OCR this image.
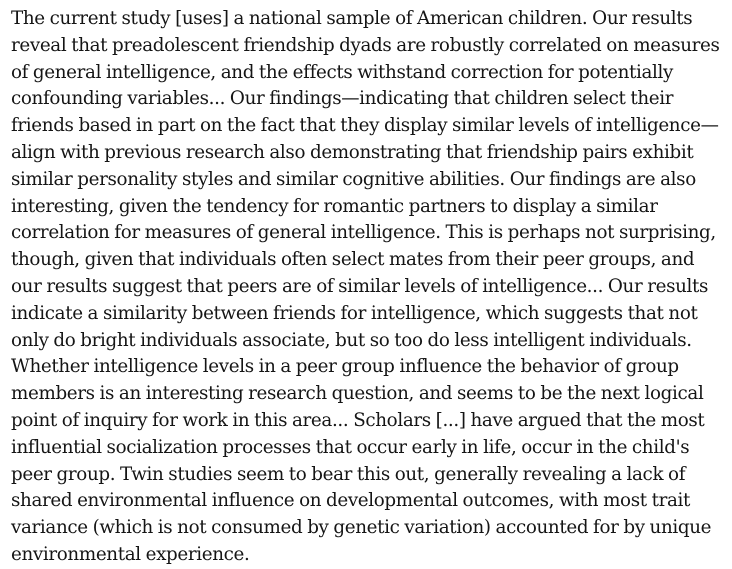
The current study [uses] a national sample of American children. Our results
reveal that preadolescent friendship dyads are robustly correlated on measures
of general intelligence, and the effects withstand correction for potentially
confounding variables... Our findings—indicating that children select their
friends based in part on the fact that they display similar levels of intelligence—
align with previous research also demonstrating that friendship pairs exhibit
similar personality styles and similar cognitive abilities. Our findings are also
interesting, given the tendency for romantic partners to display a similar
correlation for measures of general intelligence. This is perhaps not surprising,
though, given that individuals often select mates from their peer groups, and
our results suggest that peers are of similar levels of intelligence... Our results
indicate a similarity between friends for intelligence, which suggests that not
only do bright individuals associate, but so too do less intelligent individuals.
Whether intelligence levels in a peer group influence the behavior of group
members is an interesting research question, and seems to be the next logical
point of inquiry for work in this area... Scholars [...] have argued that the most
influential socialization processes that occur early in life, occur in the child's
peer group. Twin studies seem to bear this out, generally revealing a lack of
shared environmental influence on developmental outcomes, with most trait
variance (which is not consumed by genetic variation) accounted for by unique
environmental experience.
